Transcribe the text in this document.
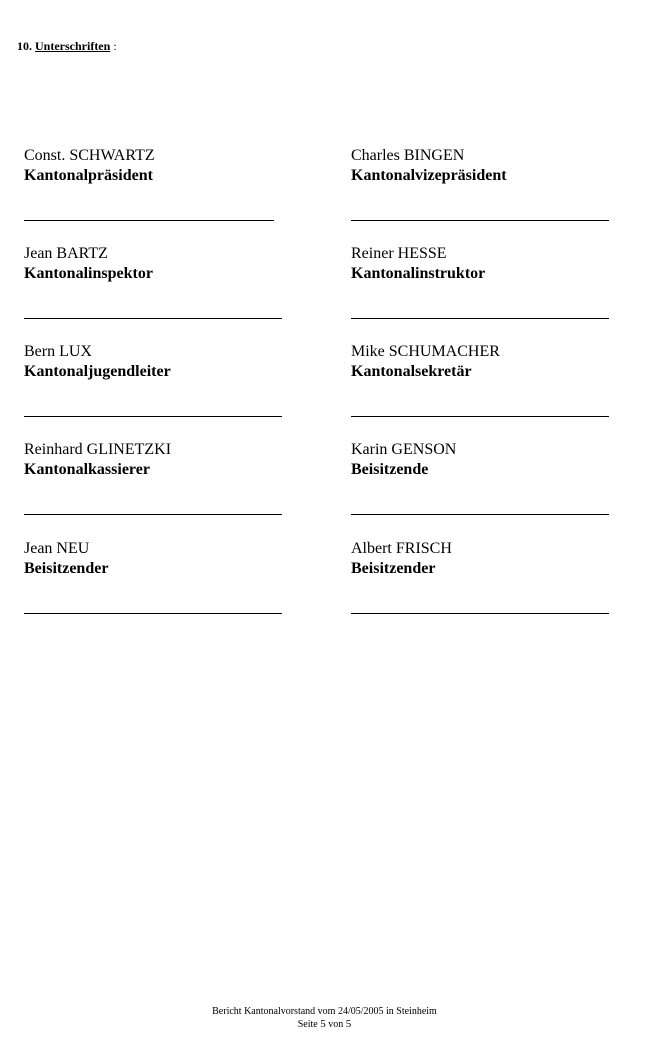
10. Unterschriften :
Const. SCHWARTZ
Kantonalpräsident
Charles BINGEN
Kantonalvizepräsident
Jean BARTZ
Kantonalinspektor
Reiner HESSE
Kantonalinstruktor
Bern LUX
Kantonaljugendleiter
Mike SCHUMACHER
Kantonalsekretär
Reinhard GLINETZKI
Kantonalkassierer
Karin GENSON
Beisitzende
Jean NEU
Beisitzender
Albert FRISCH
Beisitzender
Bericht Kantonalvorstand vom 24/05/2005 in Steinheim
Seite 5 von 5
